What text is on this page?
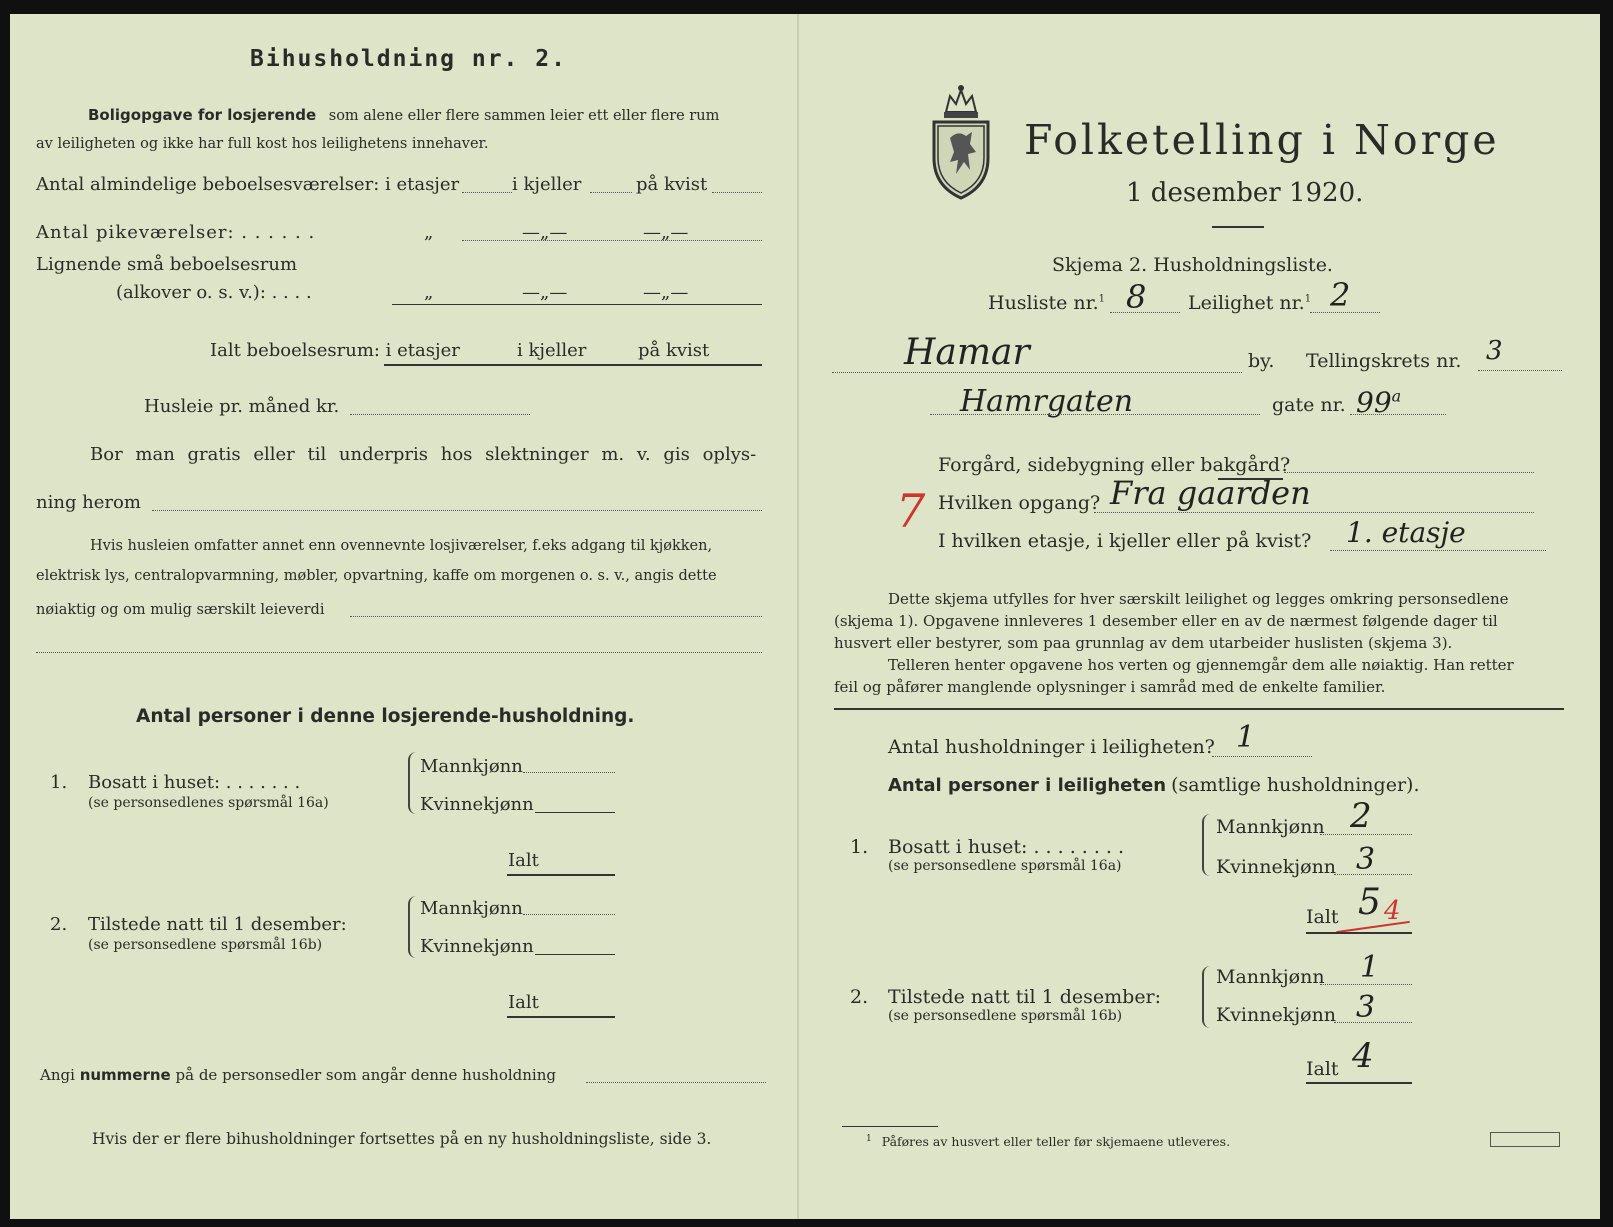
Bihusholdning nr. 2.
Boligopgave for losjerende som alene eller flere sammen leier ett eller flere rum
av leiligheten og ikke har full kost hos leilighetens innehaver.
Antal almindelige beboelsesværelser: i etasjer	i kjeller	på kvist
Antal pikeværelser: . . . . . .	„	—„—	—„—
Lignende små beboelsesrum
(alkover o. s. v.): . . . .	„	—„—	—„—
Ialt beboelsesrum: i etasjer	i kjeller	på kvist
Husleie pr. måned kr.
Bor man gratis eller til underpris hos slektninger m. v. gis oplys-
ning herom
Hvis husleien omfatter annet enn ovennevnte losjiværelser, f.eks adgang til kjøkken,
elektrisk lys, centralopvarmning, møbler, opvartning, kaffe om morgenen o. s. v., angis dette
nøiaktig og om mulig særskilt leieverdi
Antal personer i denne losjerende-husholdning.
1. Bosatt i huset: . . . . . . .
(se personsedlenes spørsmål 16a)
Mannkjønn
Kvinnekjønn
Ialt
2. Tilstede natt til 1 desember:
(se personsedlene spørsmål 16b)
Mannkjønn
Kvinnekjønn
Ialt
Angi nummerne på de personsedler som angår denne husholdning
Hvis der er flere bihusholdninger fortsettes på en ny husholdningsliste, side 3.
Folketelling i Norge
1 desember 1920.
Skjema 2. Husholdningsliste.
Husliste nr.$^1$ 8 Leilighet nr.$^1$ 2
Hamar	by. Tellingskrets nr. 3
Hamrgaten	gate nr. 99$^a$
Forgård, sidebygning eller bakgård?
7 Hvilken opgang? Fra gaarden
I hvilken etasje, i kjeller eller på kvist? 1. etasje
Dette skjema utfylles for hver særskilt leilighet og legges omkring personsedlene
(skjema 1). Opgavene innleveres 1 desember eller en av de nærmest følgende dager til
husvert eller bestyrer, som paa grunnlag av dem utarbeider huslisten (skjema 3).
Telleren henter opgavene hos verten og gjennemgår dem alle nøiaktig. Han retter
feil og påfører manglende oplysninger i samråd med de enkelte familier.
Antal husholdninger i leiligheten? 1
Antal personer i leiligheten (samtlige husholdninger).
1. Bosatt i huset: . . . . . . . .
(se personsedlene spørsmål 16a)
Mannkjønn 2
Kvinnekjønn 3
Ialt 5 4
2. Tilstede natt til 1 desember:
(se personsedlene spørsmål 16b)
Mannkjønn 1
Kvinnekjønn 3
Ialt 4
$^1$ Påføres av husvert eller teller før skjemaene utleveres.
